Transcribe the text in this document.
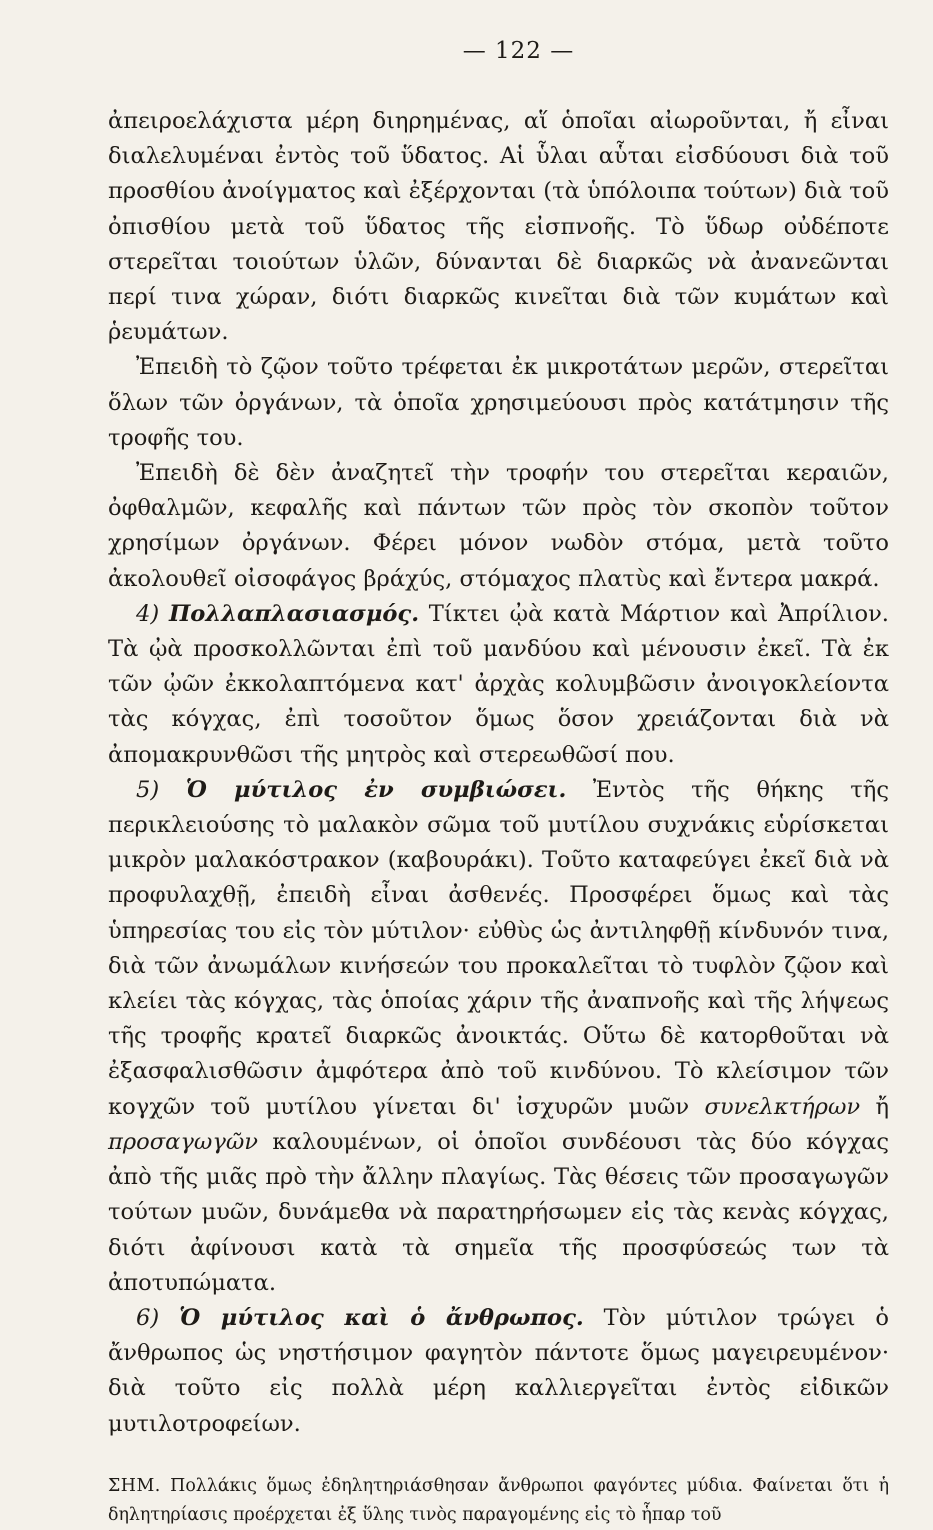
— 122 —

ἀπειροελάχιστα μέρη διηρημένας, αἵ ὁποῖαι αἰωροῦνται, ἤ εἶναι διαλελυμέναι ἐντὸς τοῦ ὕδατος. Αἱ ὗλαι αὗται εἰσδύουσι διὰ τοῦ προσθίου ἀνοίγματος καὶ ἐξέρχονται (τὰ ὑπόλοιπα τούτων) διὰ τοῦ ὀπισθίου μετὰ τοῦ ὕδατος τῆς εἰσπνοῆς. Τὸ ὕδωρ οὐδέποτε στερεῖται τοιούτων ὑλῶν, δύνανται δὲ διαρκῶς νὰ ἀνανεῶνται περί τινα χώραν, διότι διαρκῶς κινεῖται διὰ τῶν κυμάτων καὶ ῥευμάτων.

Ἐπειδὴ τὸ ζῷον τοῦτο τρέφεται ἐκ μικροτάτων μερῶν, στερεῖται ὅλων τῶν ὀργάνων, τὰ ὁποῖα χρησιμεύουσι πρὸς κατάτμησιν τῆς τροφῆς του.

Ἐπειδὴ δὲ δὲν ἀναζητεῖ τὴν τροφήν του στερεῖται κεραιῶν, ὀφθαλμῶν, κεφαλῆς καὶ πάντων τῶν πρὸς τὸν σκοπὸν τοῦτον χρησίμων ὀργάνων. Φέρει μόνον νωδὸν στόμα, μετὰ τοῦτο ἀκολουθεῖ οἰσοφάγος βράχύς, στόμαχος πλατὺς καὶ ἔντερα μακρά.

4) Πολλαπλασιασμός. Τίκτει ᾠὰ κατὰ Μάρτιον καὶ Ἀπρίλιον. Τὰ ᾠὰ προσκολλῶνται ἐπὶ τοῦ μανδύου καὶ μένουσιν ἐκεῖ. Τὰ ἐκ τῶν ᾠῶν ἐκκολαπτόμενα κατ' ἀρχὰς κολυμβῶσιν ἀνοιγοκλείοντα τὰς κόγχας, ἐπὶ τοσοῦτον ὅμως ὅσον χρειάζονται διὰ νὰ ἀπομακρυνθῶσι τῆς μητρὸς καὶ στερεωθῶσί που.

5) Ὁ μύτιλος ἐν συμβιώσει. Ἐντὸς τῆς θήκης τῆς περικλειούσης τὸ μαλακὸν σῶμα τοῦ μυτίλου συχνάκις εὑρίσκεται μικρὸν μαλακόστρακον (καβουράκι). Τοῦτο καταφεύγει ἐκεῖ διὰ νὰ προφυλαχθῇ, ἐπειδὴ εἶναι ἀσθενές. Προσφέρει ὅμως καὶ τὰς ὑπηρεσίας του εἰς τὸν μύτιλον· εὐθὺς ὡς ἀντιληφθῇ κίνδυνόν τινα, διὰ τῶν ἀνωμάλων κινήσεών του προκαλεῖται τὸ τυφλὸν ζῷον καὶ κλείει τὰς κόγχας, τὰς ὁποίας χάριν τῆς ἀναπνοῆς καὶ τῆς λήψεως τῆς τροφῆς κρατεῖ διαρκῶς ἀνοικτάς. Οὕτω δὲ κατορθοῦται νὰ ἐξασφαλισθῶσιν ἀμφότερα ἀπὸ τοῦ κινδύνου. Τὸ κλείσιμον τῶν κογχῶν τοῦ μυτίλου γίνεται δι' ἰσχυρῶν μυῶν συνελκτήρων ἤ προσαγωγῶν καλουμένων, οἱ ὁποῖοι συνδέουσι τὰς δύο κόγχας ἀπὸ τῆς μιᾶς πρὸ τὴν ἄλλην πλαγίως. Τὰς θέσεις τῶν προσαγωγῶν τούτων μυῶν, δυνάμεθα νὰ παρατηρήσωμεν εἰς τὰς κενὰς κόγχας, διότι ἀφίνουσι κατὰ τὰ σημεῖα τῆς προσφύσεώς των τὰ ἀποτυπώματα.

6) Ὁ μύτιλος καὶ ὁ ἄνθρωπος. Τὸν μύτιλον τρώγει ὁ ἄνθρωπος ὡς νηστήσιμον φαγητὸν πάντοτε ὅμως μαγειρευμένον· διὰ τοῦτο εἰς πολλὰ μέρη καλλιεργεῖται ἐντὸς εἰδικῶν μυτιλοτροφείων.

ΣΗΜ. Πολλάκις ὅμως ἐδηλητηριάσθησαν ἄνθρωποι φαγόντες μύδια. Φαίνεται ὅτι ἡ δηλητηρίασις προέρχεται ἐξ ὕλης τινὸς παραγομένης εἰς τὸ ἧπαρ τοῦ
